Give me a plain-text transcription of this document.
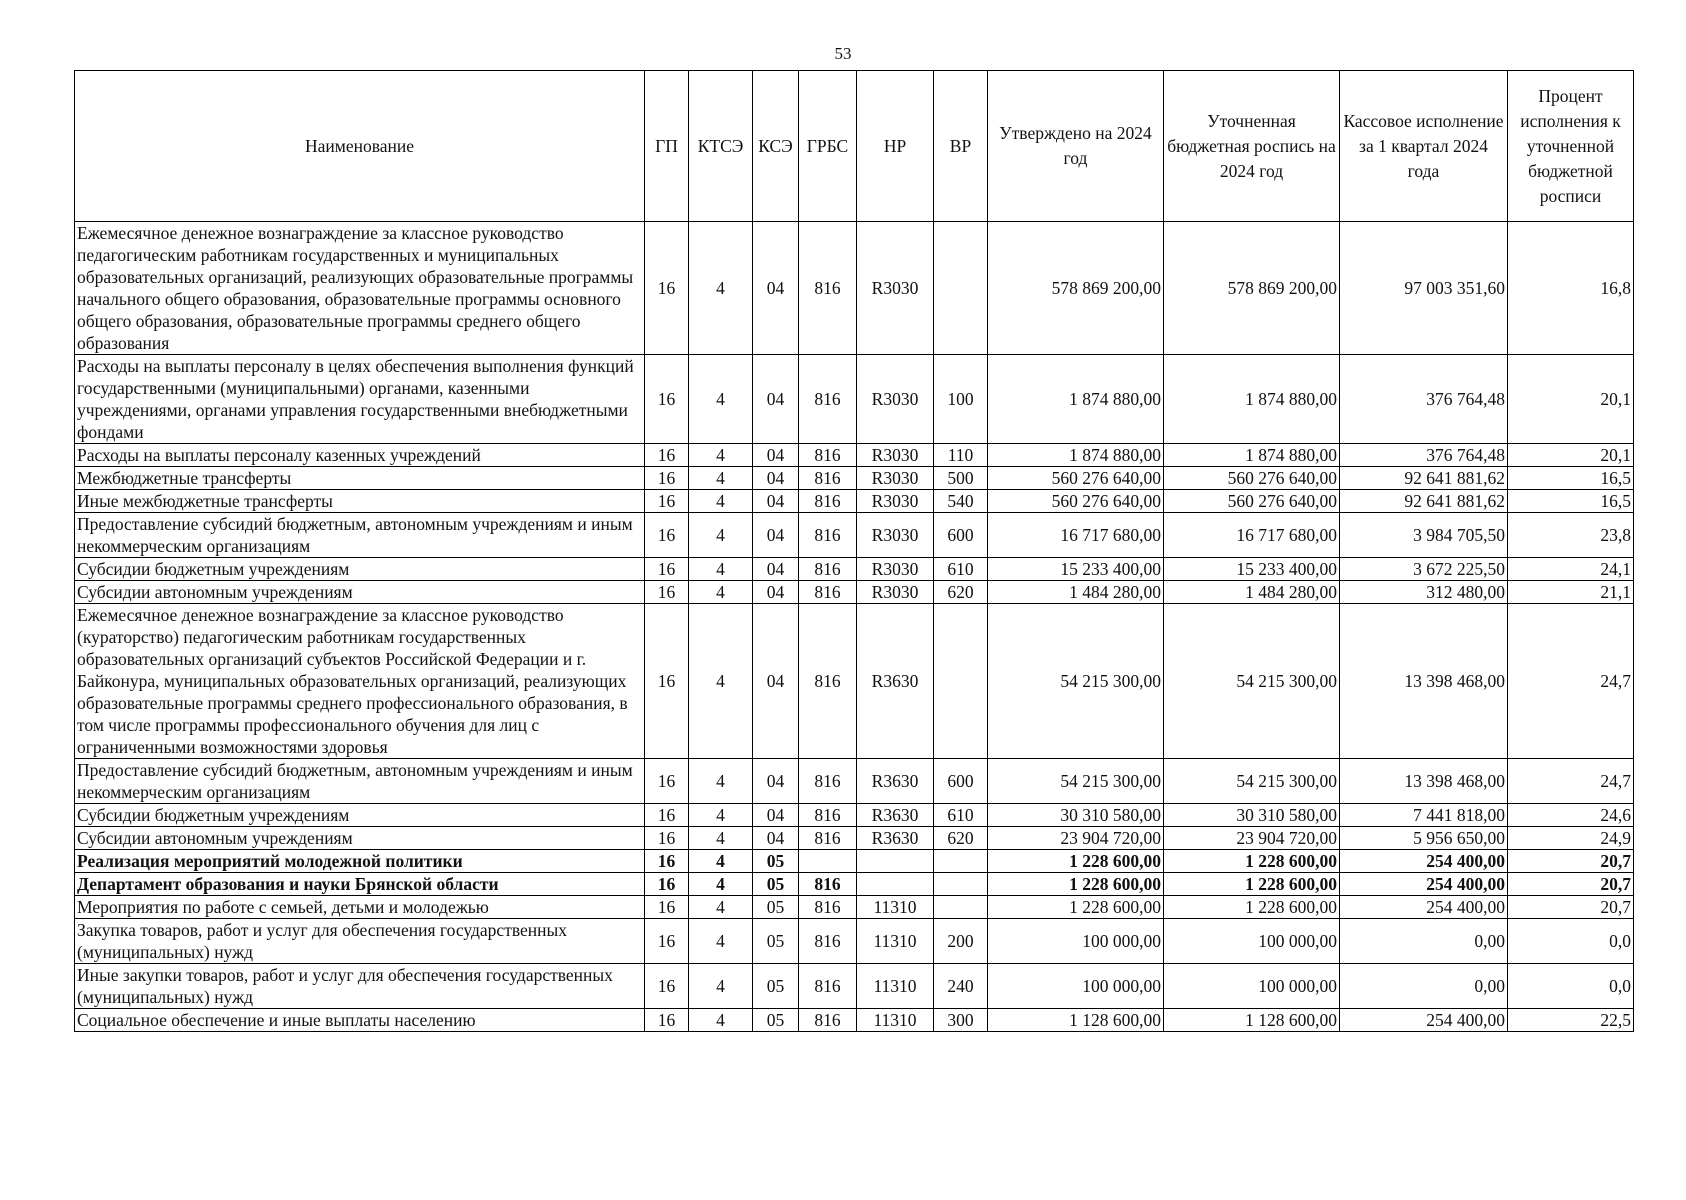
53
Наименование	ГП	КТСЭ	КСЭ	ГРБС	НР	ВР	Утверждено на 2024 год	Уточненная бюджетная роспись на 2024 год	Кассовое исполнение за 1 квартал 2024 года	Процент исполнения к уточненной бюджетной росписи
Ежемесячное денежное вознаграждение за классное руководство педагогическим работникам государственных и муниципальных образовательных организаций, реализующих образовательные программы начального общего образования, образовательные программы основного общего образования, образовательные программы среднего общего образования	16	4	04	816	R3030		578 869 200,00	578 869 200,00	97 003 351,60	16,8
Расходы на выплаты персоналу в целях обеспечения выполнения функций государственными (муниципальными) органами, казенными учреждениями, органами управления государственными внебюджетными фондами	16	4	04	816	R3030	100	1 874 880,00	1 874 880,00	376 764,48	20,1
Расходы на выплаты персоналу казенных учреждений	16	4	04	816	R3030	110	1 874 880,00	1 874 880,00	376 764,48	20,1
Межбюджетные трансферты	16	4	04	816	R3030	500	560 276 640,00	560 276 640,00	92 641 881,62	16,5
Иные межбюджетные трансферты	16	4	04	816	R3030	540	560 276 640,00	560 276 640,00	92 641 881,62	16,5
Предоставление субсидий бюджетным, автономным учреждениям и иным некоммерческим организациям	16	4	04	816	R3030	600	16 717 680,00	16 717 680,00	3 984 705,50	23,8
Субсидии бюджетным учреждениям	16	4	04	816	R3030	610	15 233 400,00	15 233 400,00	3 672 225,50	24,1
Субсидии автономным учреждениям	16	4	04	816	R3030	620	1 484 280,00	1 484 280,00	312 480,00	21,1
Ежемесячное денежное вознаграждение за классное руководство (кураторство) педагогическим работникам государственных образовательных организаций субъектов Российской Федерации и г. Байконура, муниципальных образовательных организаций, реализующих образовательные программы среднего профессионального образования, в том числе программы профессионального обучения для лиц с ограниченными возможностями здоровья	16	4	04	816	R3630		54 215 300,00	54 215 300,00	13 398 468,00	24,7
Предоставление субсидий бюджетным, автономным учреждениям и иным некоммерческим организациям	16	4	04	816	R3630	600	54 215 300,00	54 215 300,00	13 398 468,00	24,7
Субсидии бюджетным учреждениям	16	4	04	816	R3630	610	30 310 580,00	30 310 580,00	7 441 818,00	24,6
Субсидии автономным учреждениям	16	4	04	816	R3630	620	23 904 720,00	23 904 720,00	5 956 650,00	24,9
Реализация мероприятий молодежной политики	16	4	05				1 228 600,00	1 228 600,00	254 400,00	20,7
Департамент образования и науки Брянской области	16	4	05	816			1 228 600,00	1 228 600,00	254 400,00	20,7
Мероприятия по работе с семьей, детьми и молодежью	16	4	05	816	11310		1 228 600,00	1 228 600,00	254 400,00	20,7
Закупка товаров, работ и услуг для обеспечения государственных (муниципальных) нужд	16	4	05	816	11310	200	100 000,00	100 000,00	0,00	0,0
Иные закупки товаров, работ и услуг для обеспечения государственных (муниципальных) нужд	16	4	05	816	11310	240	100 000,00	100 000,00	0,00	0,0
Социальное обеспечение и иные выплаты населению	16	4	05	816	11310	300	1 128 600,00	1 128 600,00	254 400,00	22,5
